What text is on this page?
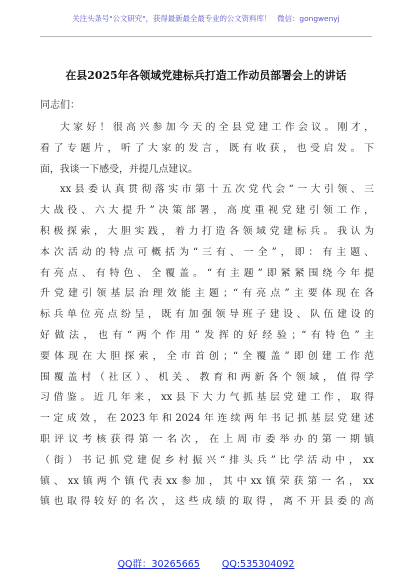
关注头条号"公文研究"，获得最新最全最专业的公文资料库！ 微信：gongwenyj
在县2025年各领域党建标兵打造工作动员部署会上的讲话
同志们：
大家好！很高兴参加今天的全县党建工作会议。刚才，
看了专题片，听了大家的发言，既有收获，也受启发。下
面，我谈一下感受，并提几点建议。
xx县委认真贯彻落实市第十五次党代会“一大引领、三
大战役、六大提升”决策部署，高度重视党建引领工作，
积极探索，大胆实践，着力打造各领域党建标兵。我认为
本次活动的特点可概括为“三有、一全”，即：有主题、
有亮点、有特色、全覆盖。“有主题”即紧紧围绕今年提
升党建引领基层治理效能主题；“有亮点”主要体现在各
标兵单位亮点纷呈，既有加强领导班子建设、队伍建设的
好做法，也有“两个作用”发挥的好经验；“有特色”主
要体现在大胆探索，全市首创；“全覆盖”即创建工作范
围覆盖村（社区）、机关、教育和两新各个领域，值得学
习借鉴。近几年来，xx县下大力气抓基层党建工作，取得
一定成效，在2023年和2024年连续两年书记抓基层党建述
职评议考核获得第一名次，在上周市委举办的第一期镇
（街）书记抓党建促乡村振兴“排头兵”比学活动中，xx
镇、xx镇两个镇代表xx参加，其中xx镇荣获第一名，xx
镇也取得较好的名次，这些成绩的取得，离不开县委的高
QQ群：30265665 QQ:535304092
